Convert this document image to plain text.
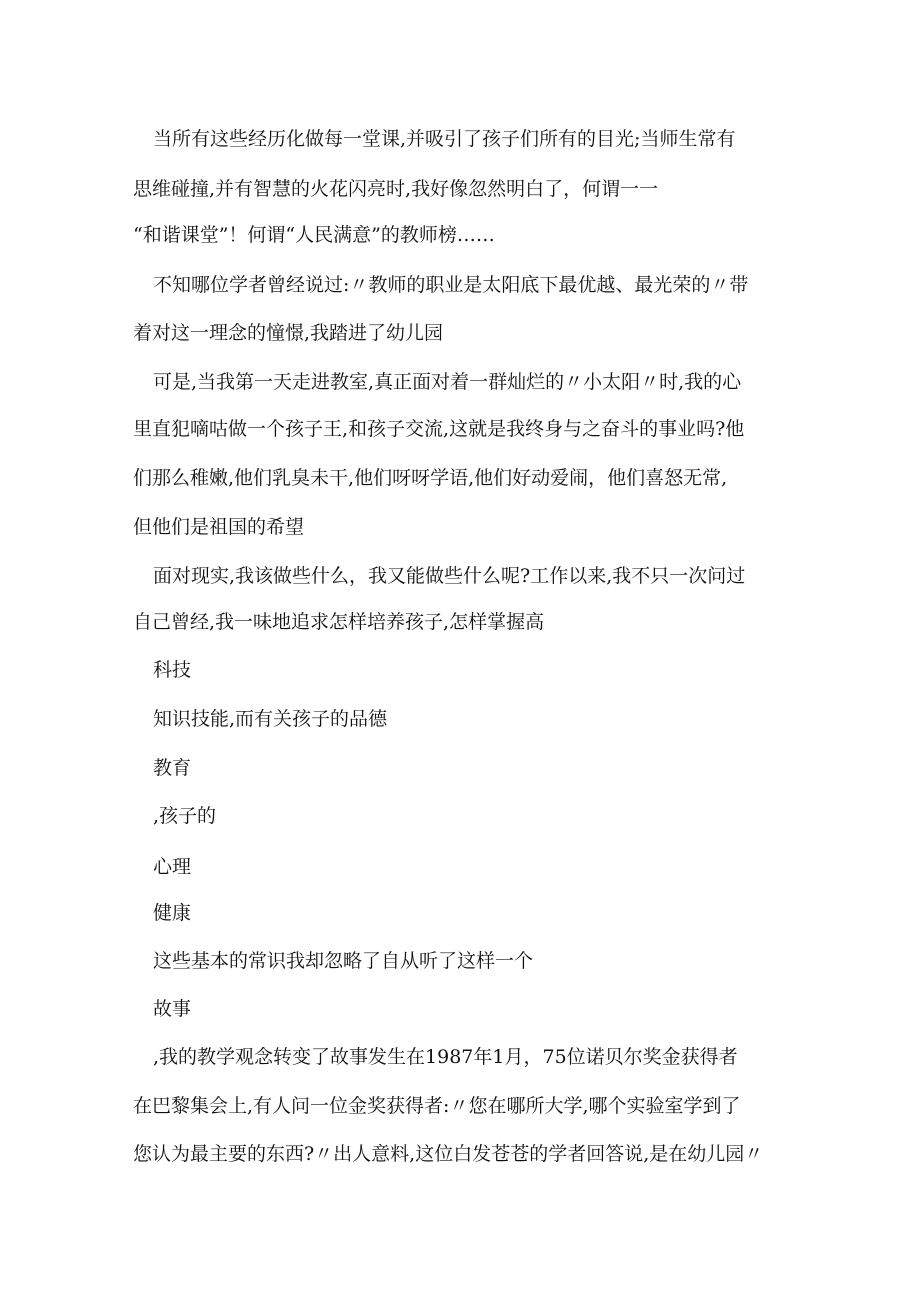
当所有这些经历化做每一堂课,并吸引了孩子们所有的目光;当师生常有
思维碰撞,并有智慧的火花闪亮时,我好像忽然明白了，何谓一一
“和谐课堂”！何谓“人民满意”的教师榜……
不知哪位学者曾经说过:〃教师的职业是太阳底下最优越、最光荣的〃带
着对这一理念的憧憬,我踏进了幼儿园
可是,当我第一天走进教室,真正面对着一群灿烂的〃小太阳〃时,我的心
里直犯嘀咕做一个孩子王,和孩子交流,这就是我终身与之奋斗的事业吗?他
们那么稚嫩,他们乳臭未干,他们呀呀学语,他们好动爱闹，他们喜怒无常,
但他们是祖国的希望
面对现实,我该做些什么，我又能做些什么呢?工作以来,我不只一次问过
自己曾经,我一味地追求怎样培养孩子,怎样掌握高
科技
知识技能,而有关孩子的品德
教育
,孩子的
心理
健康
这些基本的常识我却忽略了自从听了这样一个
故事
,我的教学观念转变了故事发生在1987年1月，75位诺贝尔奖金获得者
在巴黎集会上,有人问一位金奖获得者:〃您在哪所大学,哪个实验室学到了
您认为最主要的东西?〃出人意料,这位白发苍苍的学者回答说,是在幼儿园〃
